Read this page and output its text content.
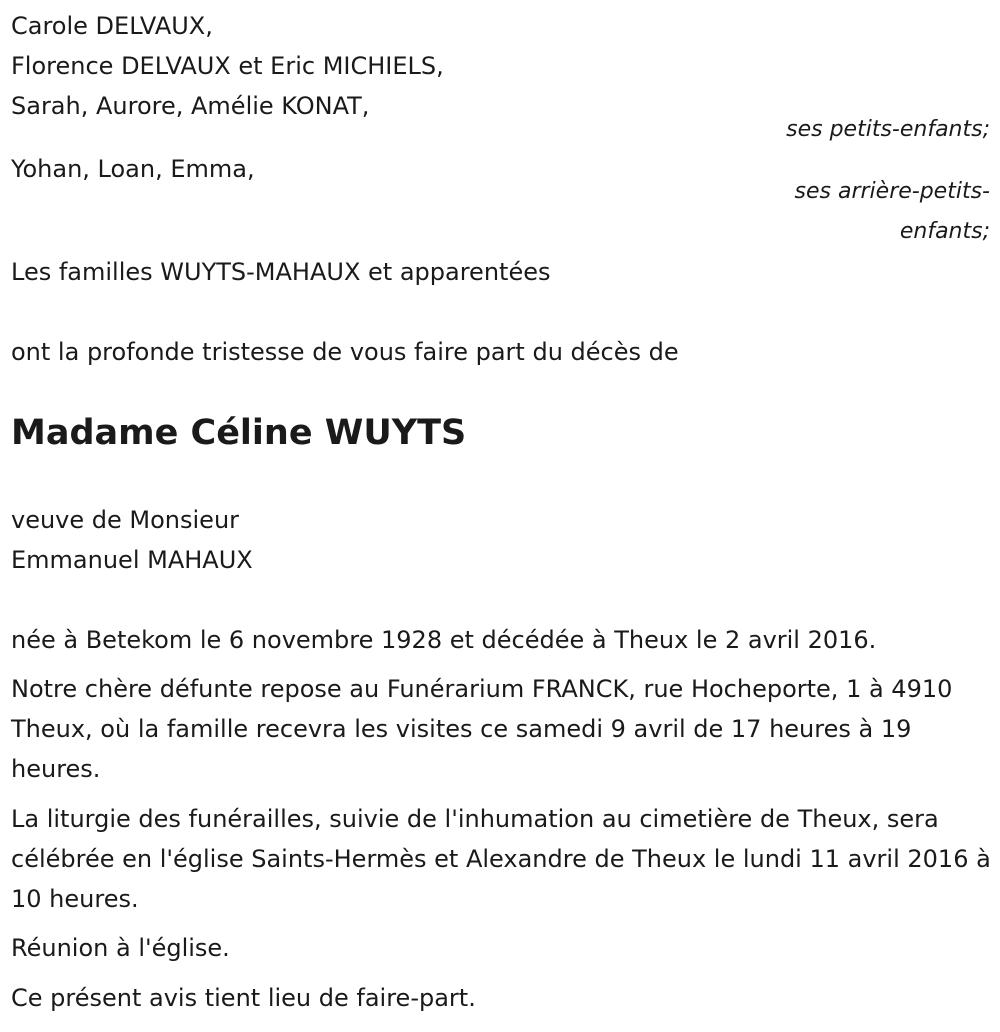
Carole DELVAUX,
Florence DELVAUX et Eric MICHIELS,
Sarah, Aurore, Amélie KONAT,
ses petits-enfants;
Yohan, Loan, Emma,
ses arrière-petits-
enfants;
Les familles WUYTS-MAHAUX et apparentées
ont la profonde tristesse de vous faire part du décès de
Madame Céline WUYTS
veuve de Monsieur
Emmanuel MAHAUX
née à Betekom le 6 novembre 1928 et décédée à Theux le 2 avril 2016.
Notre chère défunte repose au Funérarium FRANCK, rue Hocheporte, 1 à 4910 Theux, où la famille recevra les visites ce samedi 9 avril de 17 heures à 19 heures.
La liturgie des funérailles, suivie de l'inhumation au cimetière de Theux, sera célébrée en l'église Saints-Hermès et Alexandre de Theux le lundi 11 avril 2016 à 10 heures.
Réunion à l'église.
Ce présent avis tient lieu de faire-part.
